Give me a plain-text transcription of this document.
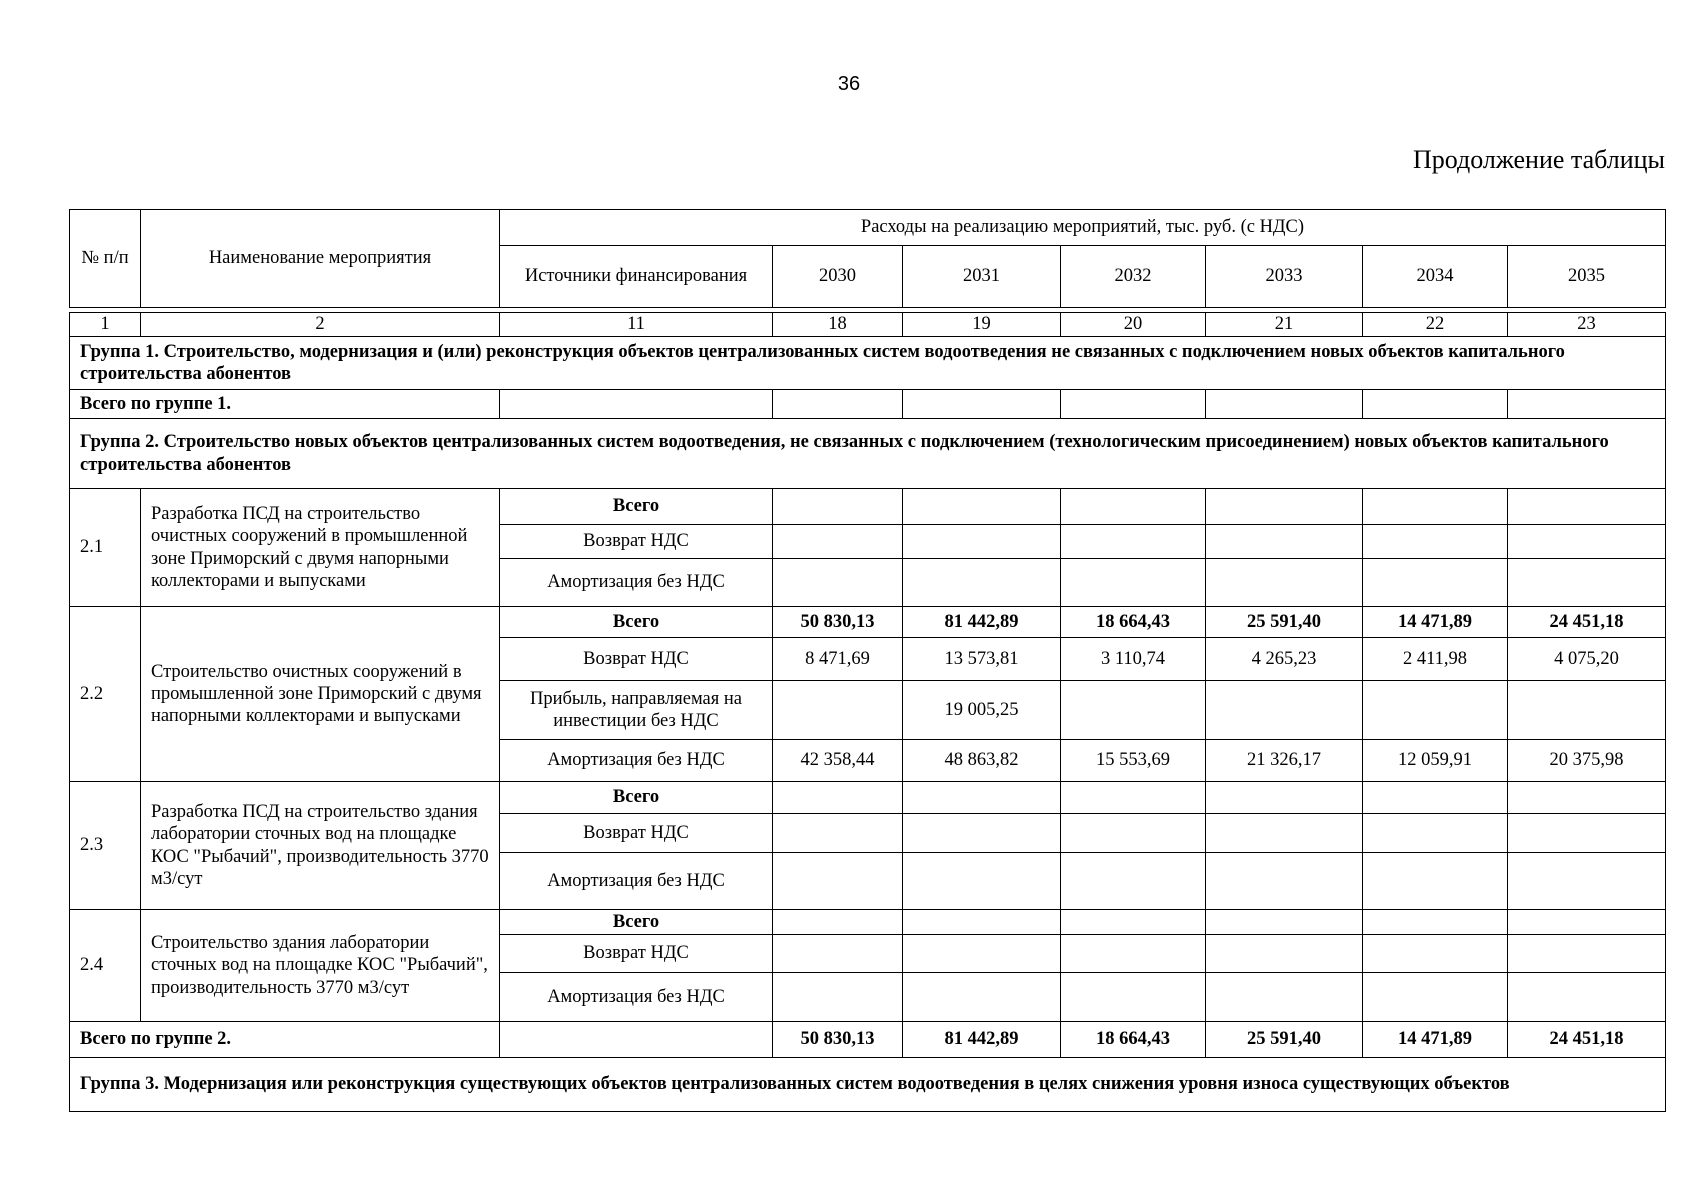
36
Продолжение таблицы
№ п/п	Наименование мероприятия	Расходы на реализацию мероприятий, тыс. руб. (с НДС)						
		Источники финансирования	2030	2031	2032	2033	2034	2035

1	2	11	18	19	20	21	22	23
Группа 1. Строительство, модернизация и (или) реконструкция объектов централизованных систем водоотведения не связанных с подключением новых объектов капитального строительства абонентов								
Всего по группе 1.								
Группа 2. Строительство новых объектов централизованных систем водоотведения, не связанных с подключением (технологическим присоединением) новых объектов капитального строительства абонентов								
2.1	Разработка ПСД на строительство очистных сооружений в промышленной зоне Приморский с двумя напорными коллекторами и выпусками	Всего						
		Возврат НДС						
		Амортизация без НДС						
2.2	Строительство очистных сооружений в промышленной зоне Приморский с двумя напорными коллекторами и выпусками	Всего	50 830,13	81 442,89	18 664,43	25 591,40	14 471,89	24 451,18
		Возврат НДС	8 471,69	13 573,81	3 110,74	4 265,23	2 411,98	4 075,20
		Прибыль, направляемая на инвестиции без НДС		19 005,25				
		Амортизация без НДС	42 358,44	48 863,82	15 553,69	21 326,17	12 059,91	20 375,98
2.3	Разработка ПСД на строительство здания лаборатории сточных вод на площадке КОС "Рыбачий", производительность 3770 м3/сут	Всего						
		Возврат НДС						
		Амортизация без НДС						
2.4	Строительство здания лаборатории сточных вод на площадке КОС "Рыбачий", производительность 3770 м3/сут	Всего						
		Возврат НДС						
		Амортизация без НДС						
Всего по группе 2.			50 830,13	81 442,89	18 664,43	25 591,40	14 471,89	24 451,18
Группа 3. Модернизация или реконструкция существующих объектов централизованных систем водоотведения в целях снижения уровня износа существующих объектов								
